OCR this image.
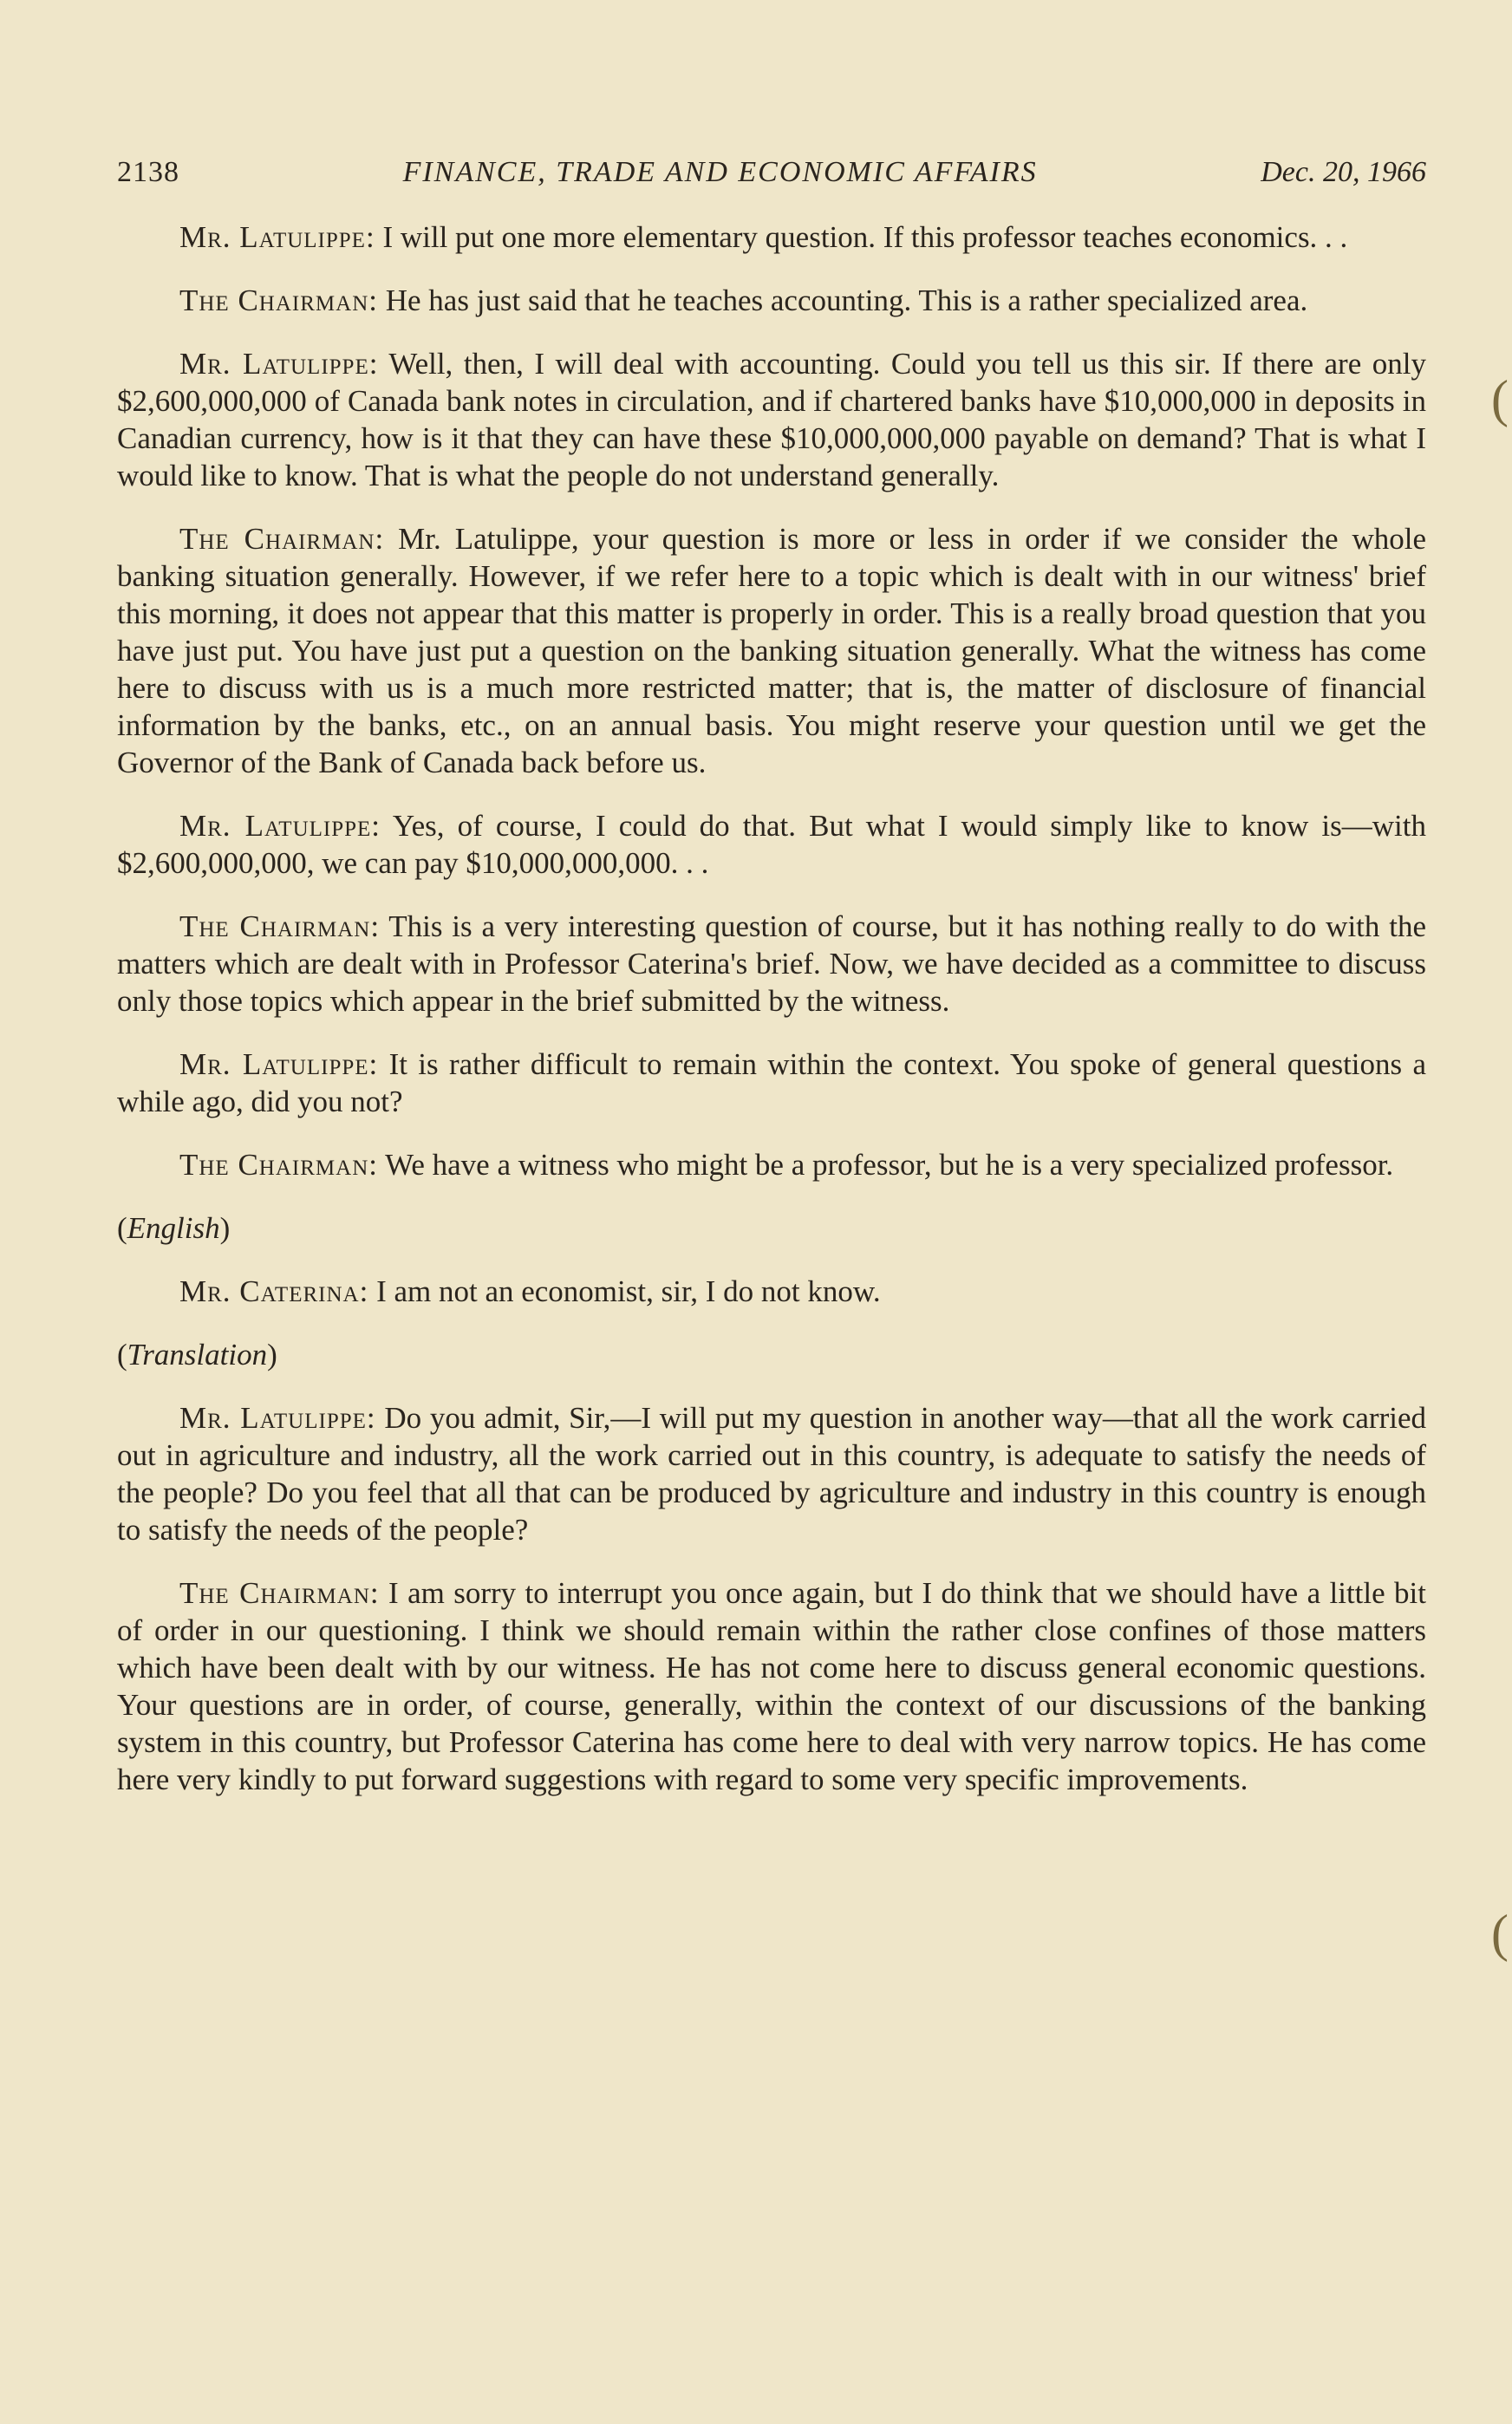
2138	FINANCE, TRADE AND ECONOMIC AFFAIRS	Dec. 20, 1966

Mr. Latulippe: I will put one more elementary question. If this professor teaches economics. . .

The Chairman: He has just said that he teaches accounting. This is a rather specialized area.

Mr. Latulippe: Well, then, I will deal with accounting. Could you tell us this sir. If there are only $2,600,000,000 of Canada bank notes in circulation, and if chartered banks have $10,000,000 in deposits in Canadian currency, how is it that they can have these $10,000,000,000 payable on demand? That is what I would like to know. That is what the people do not understand generally.

The Chairman: Mr. Latulippe, your question is more or less in order if we consider the whole banking situation generally. However, if we refer here to a topic which is dealt with in our witness' brief this morning, it does not appear that this matter is properly in order. This is a really broad question that you have just put. You have just put a question on the banking situation generally. What the witness has come here to discuss with us is a much more restricted matter; that is, the matter of disclosure of financial information by the banks, etc., on an annual basis. You might reserve your question until we get the Governor of the Bank of Canada back before us.

Mr. Latulippe: Yes, of course, I could do that. But what I would simply like to know is—with $2,600,000,000, we can pay $10,000,000,000. . .

The Chairman: This is a very interesting question of course, but it has nothing really to do with the matters which are dealt with in Professor Caterina's brief. Now, we have decided as a committee to discuss only those topics which appear in the brief submitted by the witness.

Mr. Latulippe: It is rather difficult to remain within the context. You spoke of general questions a while ago, did you not?

The Chairman: We have a witness who might be a professor, but he is a very specialized professor.

(English)

Mr. Caterina: I am not an economist, sir, I do not know.

(Translation)

Mr. Latulippe: Do you admit, Sir,—I will put my question in another way—that all the work carried out in agriculture and industry, all the work carried out in this country, is adequate to satisfy the needs of the people? Do you feel that all that can be produced by agriculture and industry in this country is enough to satisfy the needs of the people?

The Chairman: I am sorry to interrupt you once again, but I do think that we should have a little bit of order in our questioning. I think we should remain within the rather close confines of those matters which have been dealt with by our witness. He has not come here to discuss general economic questions. Your questions are in order, of course, generally, within the context of our discussions of the banking system in this country, but Professor Caterina has come here to deal with very narrow topics. He has come here very kindly to put forward suggestions with regard to some very specific improvements.

(
(
